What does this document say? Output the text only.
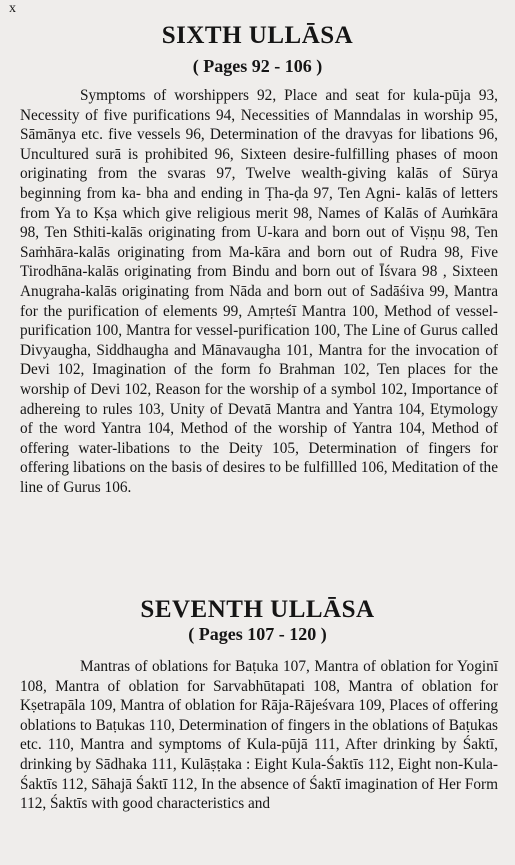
x
SIXTH ULLĀSA
( Pages 92 - 106 )
Symptoms of worshippers 92, Place and seat for kula-pūja 93, Necessity of five purifications 94, Necessities of Manndalas in worship 95, Sāmānya etc. five vessels 96, Determination of the dravyas for libations 96, Uncultured surā is prohibited 96, Sixteen desire-fulfilling phases of moon originating from the svaras 97, Twelve wealth-giving kalās of Sūrya beginning from ka- bha and ending in Ṭha-ḍa 97, Ten Agni- kalās of letters from Ya to Kṣa which give religious merit 98, Names of Kalās of Auṁkāra 98, Ten Sthiti-kalās originating from U-kara and born out of Viṣṇu 98, Ten Saṁhāra-kalās originating from Ma-kāra and born out of Rudra 98, Five Tirodhāna-kalās originating from Bindu and born out of Īśvara 98 , Sixteen Anugraha-kalās originating from Nāda and born out of Sadāśiva 99, Mantra for the purification of elements 99, Amṛteśī Mantra 100, Method of vessel-purification 100, Mantra for vessel-purification 100, The Line of Gurus called Divyaugha, Siddhaugha and Mānavaugha 101, Mantra for the invocation of Devi 102, Imagination of the form fo Brahman 102, Ten places for the worship of Devi 102, Reason for the worship of a symbol 102, Importance of adhereing to rules 103, Unity of Devatā Mantra and Yantra 104, Etymology of the word Yantra 104, Method of the worship of Yantra 104, Method of offering water-libations to the Deity 105, Determination of fingers for offering libations on the basis of desires to be fulfillled 106, Meditation of the line of Gurus 106.
SEVENTH ULLĀSA
( Pages 107 - 120 )
Mantras of oblations for Baṭuka 107, Mantra of oblation for Yoginī 108, Mantra of oblation for Sarvabhūtapati 108, Mantra of oblation for Kṣetrapāla 109, Mantra of oblation for Rāja-Rājeśvara 109, Places of offering oblations to Baṭukas 110, Determination of fingers in the oblations of Baṭukas etc. 110, Mantra and symptoms of Kula-pūjā 111, After drinking by Śaktī, drinking by Sādhaka 111, Kulāṣṭaka : Eight Kula-Śaktīs 112, Eight non-Kula-Śaktīs 112, Sāhajā Śaktī 112, In the absence of Śaktī imagination of Her Form 112, Śaktīs with good characteristics and
